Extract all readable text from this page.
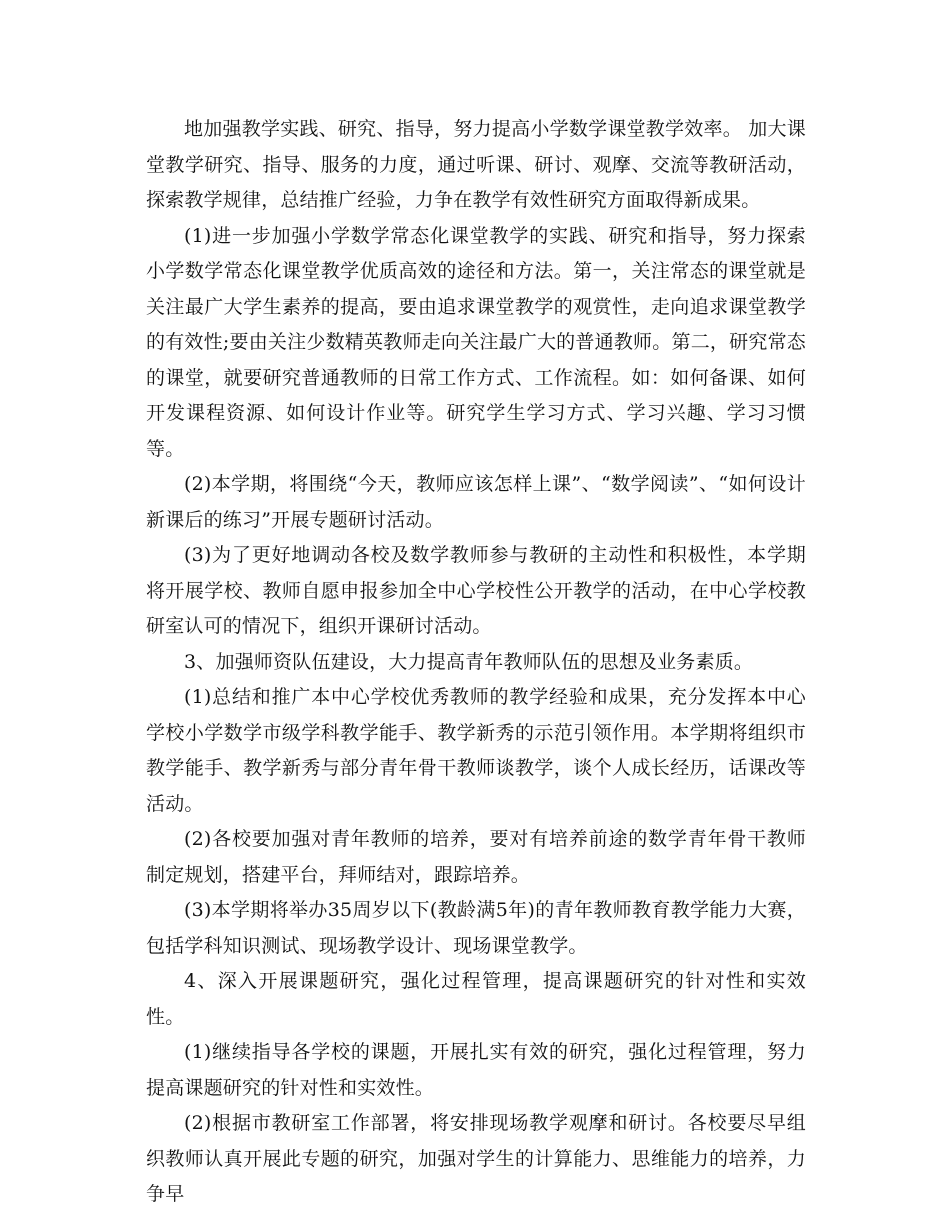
地加强教学实践、研究、指导，努力提高小学数学课堂教学效率。 加大课堂教学研究、指导、服务的力度，通过听课、研讨、观摩、交流等教研活动，探索教学规律，总结推广经验，力争在教学有效性研究方面取得新成果。

(1)进一步加强小学数学常态化课堂教学的实践、研究和指导，努力探索小学数学常态化课堂教学优质高效的途径和方法。第一，关注常态的课堂就是关注最广大学生素养的提高，要由追求课堂教学的观赏性，走向追求课堂教学的有效性;要由关注少数精英教师走向关注最广大的普通教师。第二，研究常态的课堂，就要研究普通教师的日常工作方式、工作流程。如：如何备课、如何开发课程资源、如何设计作业等。研究学生学习方式、学习兴趣、学习习惯等。

(2)本学期，将围绕“今天，教师应该怎样上课”、“数学阅读”、“如何设计新课后的练习”开展专题研讨活动。

(3)为了更好地调动各校及数学教师参与教研的主动性和积极性，本学期将开展学校、教师自愿申报参加全中心学校性公开教学的活动，在中心学校教研室认可的情况下，组织开课研讨活动。

3、加强师资队伍建设，大力提高青年教师队伍的思想及业务素质。

(1)总结和推广本中心学校优秀教师的教学经验和成果，充分发挥本中心学校小学数学市级学科教学能手、教学新秀的示范引领作用。本学期将组织市教学能手、教学新秀与部分青年骨干教师谈教学，谈个人成长经历，话课改等活动。

(2)各校要加强对青年教师的培养，要对有培养前途的数学青年骨干教师制定规划，搭建平台，拜师结对，跟踪培养。

(3)本学期将举办35周岁以下(教龄满5年)的青年教师教育教学能力大赛，包括学科知识测试、现场教学设计、现场课堂教学。

4、深入开展课题研究，强化过程管理，提高课题研究的针对性和实效性。

(1)继续指导各学校的课题，开展扎实有效的研究，强化过程管理，努力提高课题研究的针对性和实效性。

(2)根据市教研室工作部署，将安排现场教学观摩和研讨。各校要尽早组织教师认真开展此专题的研究，加强对学生的计算能力、思维能力的培养，力争早
